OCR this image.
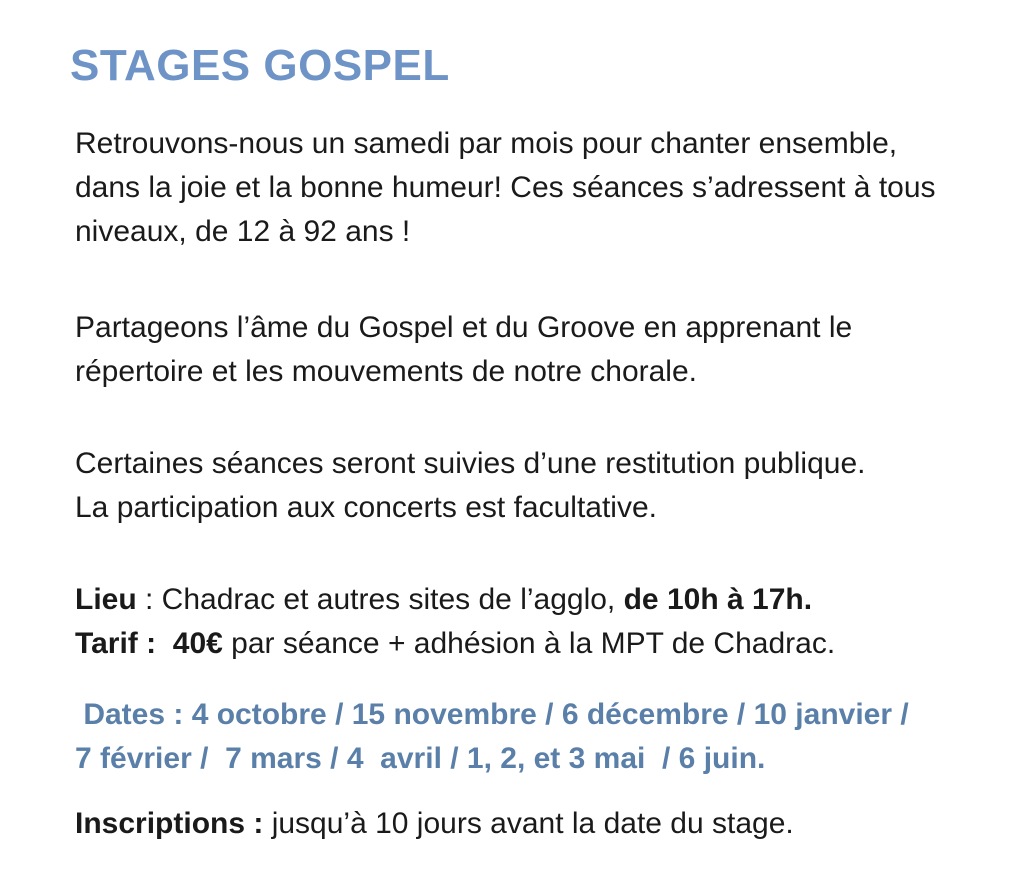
STAGES GOSPEL

Retrouvons-nous un samedi par mois pour chanter ensemble,
dans la joie et la bonne humeur! Ces séances s’adressent à tous
niveaux, de 12 à 92 ans !

Partageons l’âme du Gospel et du Groove en apprenant le
répertoire et les mouvements de notre chorale.

Certaines séances seront suivies d’une restitution publique.
La participation aux concerts est facultative.

Lieu : Chadrac et autres sites de l’agglo, de 10h à 17h.
Tarif :  40€ par séance + adhésion à la MPT de Chadrac.

Dates : 4 octobre / 15 novembre / 6 décembre / 10 janvier /
7 février /  7 mars / 4  avril / 1, 2, et 3 mai  / 6 juin.

Inscriptions : jusqu’à 10 jours avant la date du stage.
